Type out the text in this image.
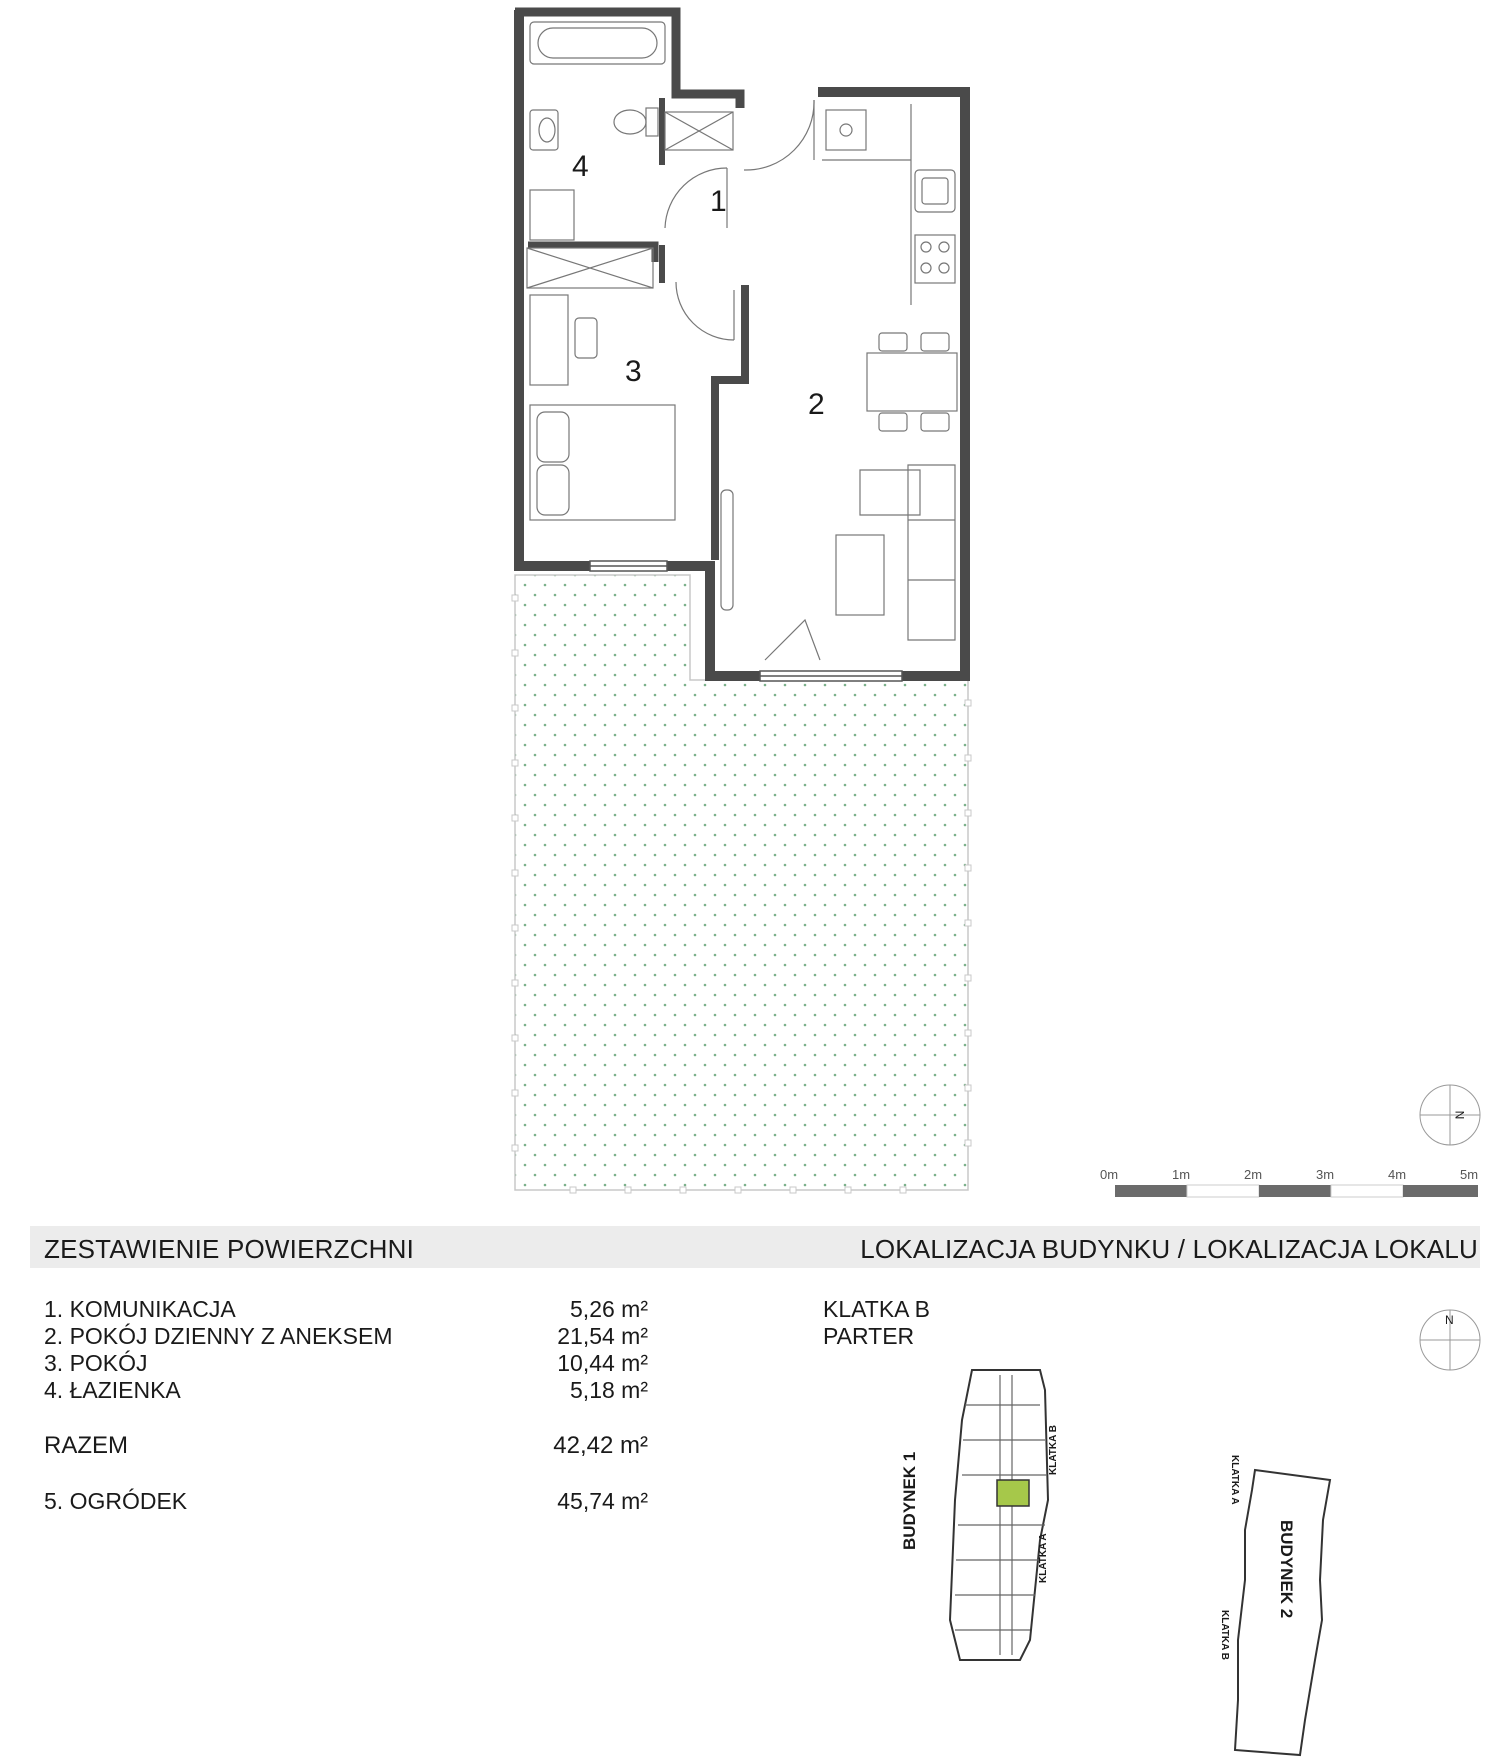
1
2
3
4
N
N
0m	1m	2m	3m	4m	5m
ZESTAWIENIE POWIERZCHNI	LOKALIZACJA BUDYNKU / LOKALIZACJA LOKALU
1. KOMUNIKACJA	5,26 m²
2. POKÓJ DZIENNY Z ANEKSEM	21,54 m²
3. POKÓJ	10,44 m²
4. ŁAZIENKA	5,18 m²
RAZEM	42,42 m²
5. OGRÓDEK	45,74 m²
KLATKA B
PARTER
BUDYNEK 1
KLATKA B
KLATKA A	BUDYNEK 2
KLATKA A
KLATKA B
